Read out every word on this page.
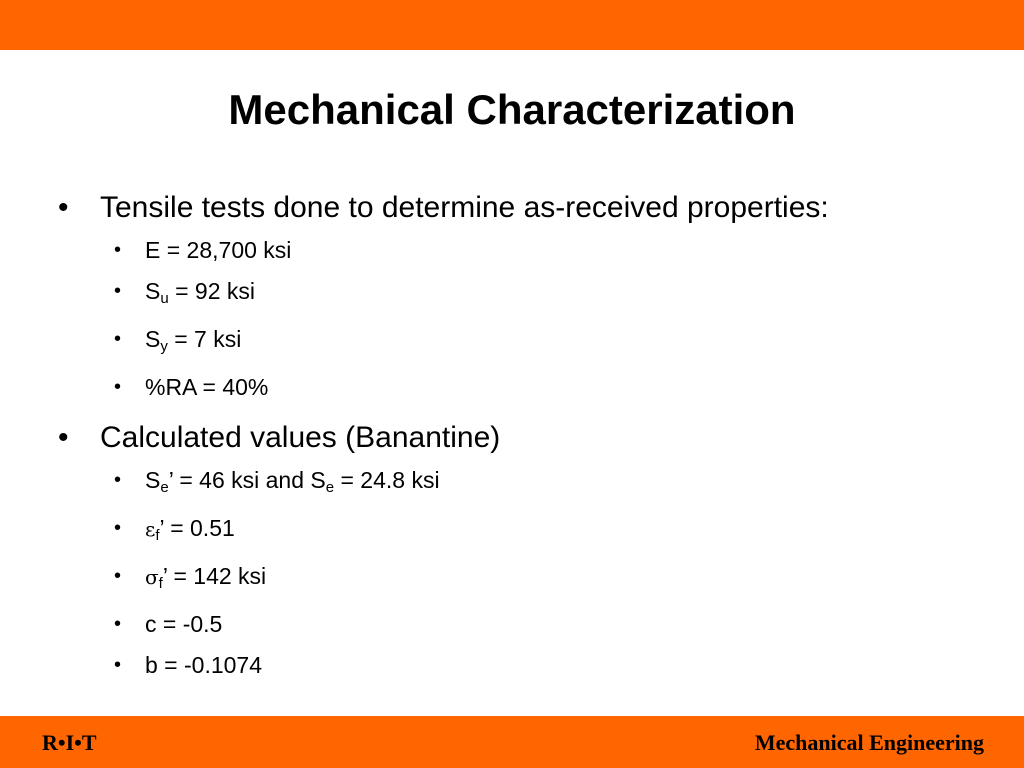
Mechanical Characterization
• Tensile tests done to determine as-received properties:
• E = 28,700 ksi
• $S_u = 92$ ksi
• $S_y = 7$ ksi
• %RA = 40%
• Calculated values (Banantine)
• $S_e$’ = 46 ksi and $S_e = 24.8$ ksi
• $\varepsilon_f$’ = 0.51
• $\sigma_f$’ = 142 ksi
• c = -0.5
• b = -0.1074
R•I•T	Mechanical Engineering
